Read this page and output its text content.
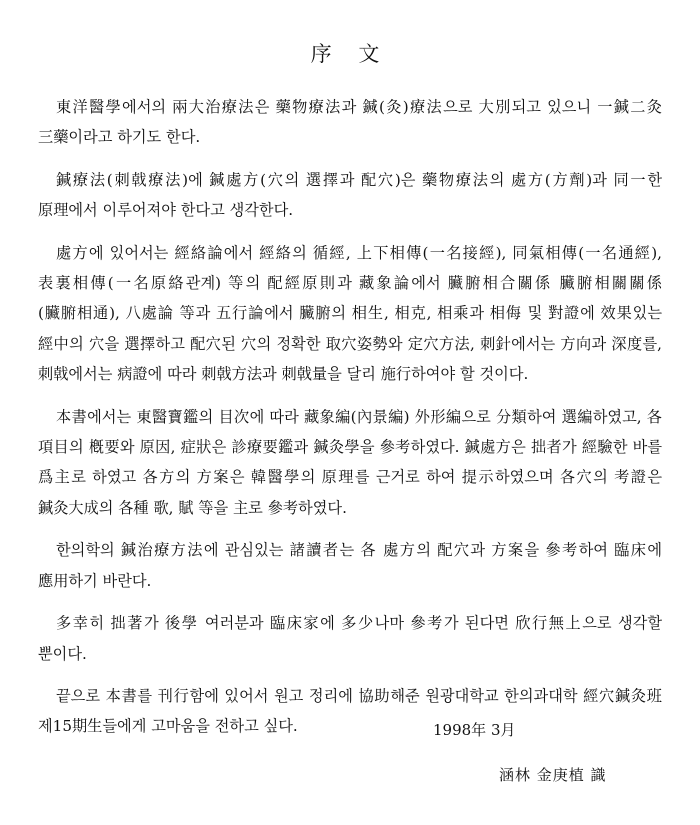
序 文

東洋醫學에서의 兩大治療法은 藥物療法과 鍼(灸)療法으로 大別되고 있으니 一鍼二灸 三藥이라고 하기도 한다.

鍼療法(刺戟療法)에 鍼處方(穴의 選擇과 配穴)은 藥物療法의 處方(方劑)과 同一한 原理에서 이루어져야 한다고 생각한다.

處方에 있어서는 經絡論에서 經絡의 循經, 上下相傳(一名接經), 同氣相傳(一名通經), 表裏相傳(一名原絡관계) 等의 配經原則과 藏象論에서 臟腑相合關係 臟腑相關關係(臟腑相通), 八處論 等과 五行論에서 臟腑의 相生, 相克, 相乘과 相侮 및 對證에 效果있는 經中의 穴을 選擇하고 配穴된 穴의 정확한 取穴姿勢와 定穴方法, 刺針에서는 方向과 深度를, 刺戟에서는 病證에 따라 刺戟方法과 刺戟量을 달리 施行하여야 할 것이다.

本書에서는 東醫寶鑑의 目次에 따라 藏象編(內景編) 外形編으로 分類하여 選編하였고, 各 項目의 槪要와 原因, 症狀은 診療要鑑과 鍼灸學을 參考하였다. 鍼處方은 拙者가 經驗한 바를 爲主로 하였고 各方의 方案은 韓醫學의 原理를 근거로 하여 提示하였으며 各穴의 考證은 鍼灸大成의 各種 歌, 賦 等을 主로 參考하였다.

한의학의 鍼治療方法에 관심있는 諸讀者는 各 處方의 配穴과 方案을 參考하여 臨床에 應用하기 바란다.

多幸히 拙著가 後學 여러분과 臨床家에 多少나마 參考가 된다면 欣行無上으로 생각할 뿐이다.

끝으로 本書를 刊行함에 있어서 원고 정리에 協助해준 원광대학교 한의과대학 經穴鍼灸班 제15期生들에게 고마움을 전하고 싶다.	1998年 3月
涵林 金庚植 識
